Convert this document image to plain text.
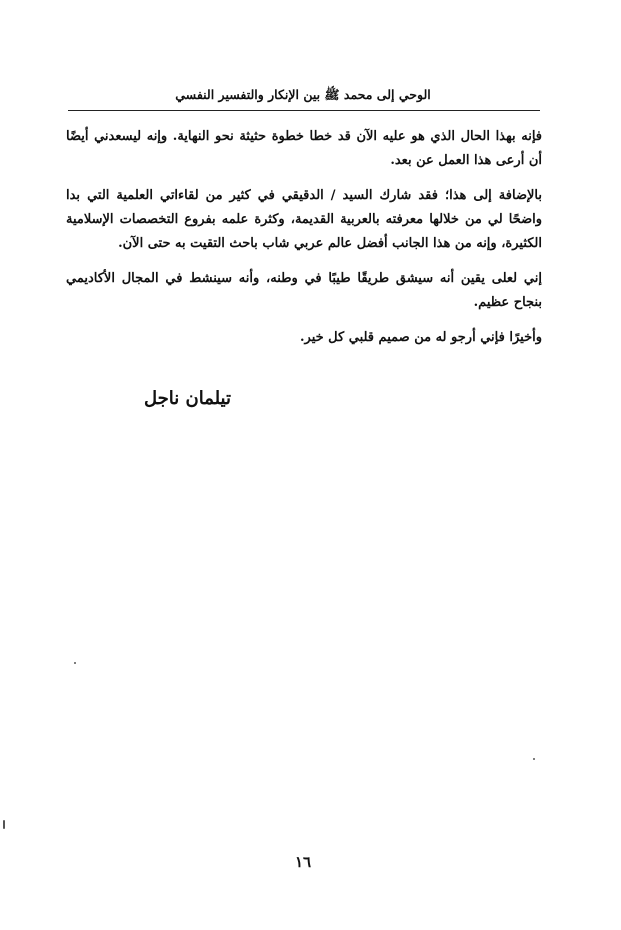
الوحي إلى محمد ﷺ بين الإنكار والتفسير النفسي

فإنه بهذا الحال الذي هو عليه الآن قد خطا خطوة حثيثة نحو النهاية. وإنه ليسعدني أيضًا أن أرعى هذا العمل عن بعد.

بالإضافة إلى هذا؛ فقد شارك السيد / الدقيقي في كثير من لقاءاتي العلمية التي بدا واضحًا لي من خلالها معرفته بالعربية القديمة، وكثرة علمه بفروع التخصصات الإسلامية الكثيرة، وإنه من هذا الجانب أفضل عالم عربي شاب باحث التقيت به حتى الآن.

إني لعلى يقين أنه سيشق طريقًا طيبًا في وطنه، وأنه سينشط في المجال الأكاديمي بنجاح عظيم.

وأخيرًا فإني أرجو له من صميم قلبي كل خير.

تيلمان ناجل
١٦
